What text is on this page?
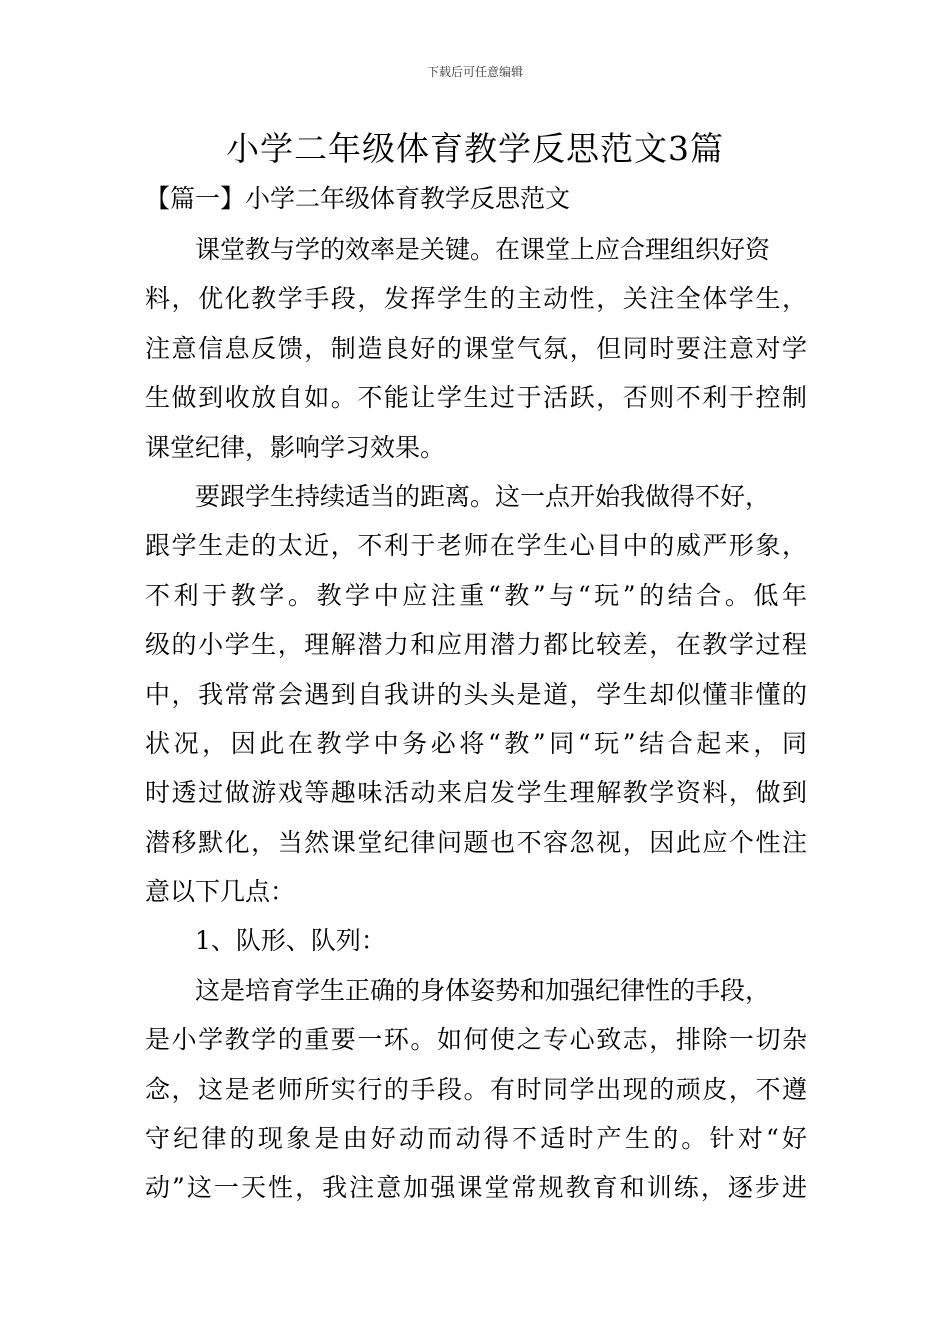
下载后可任意编辑
小学二年级体育教学反思范文3篇
【篇一】小学二年级体育教学反思范文
课堂教与学的效率是关键。在课堂上应合理组织好资
料，优化教学手段，发挥学生的主动性，关注全体学生，
注意信息反馈，制造良好的课堂气氛，但同时要注意对学
生做到收放自如。不能让学生过于活跃，否则不利于控制
课堂纪律，影响学习效果。
要跟学生持续适当的距离。这一点开始我做得不好，
跟学生走的太近，不利于老师在学生心目中的威严形象，
不利于教学。教学中应注重“教”与“玩”的结合。低年
级的小学生，理解潜力和应用潜力都比较差，在教学过程
中，我常常会遇到自我讲的头头是道，学生却似懂非懂的
状况，因此在教学中务必将“教”同“玩”结合起来，同
时透过做游戏等趣味活动来启发学生理解教学资料，做到
潜移默化，当然课堂纪律问题也不容忽视，因此应个性注
意以下几点：
1、队形、队列：
这是培育学生正确的身体姿势和加强纪律性的手段，
是小学教学的重要一环。如何使之专心致志，排除一切杂
念，这是老师所实行的手段。有时同学出现的顽皮，不遵
守纪律的现象是由好动而动得不适时产生的。针对“好
动”这一天性，我注意加强课堂常规教育和训练，逐步进
